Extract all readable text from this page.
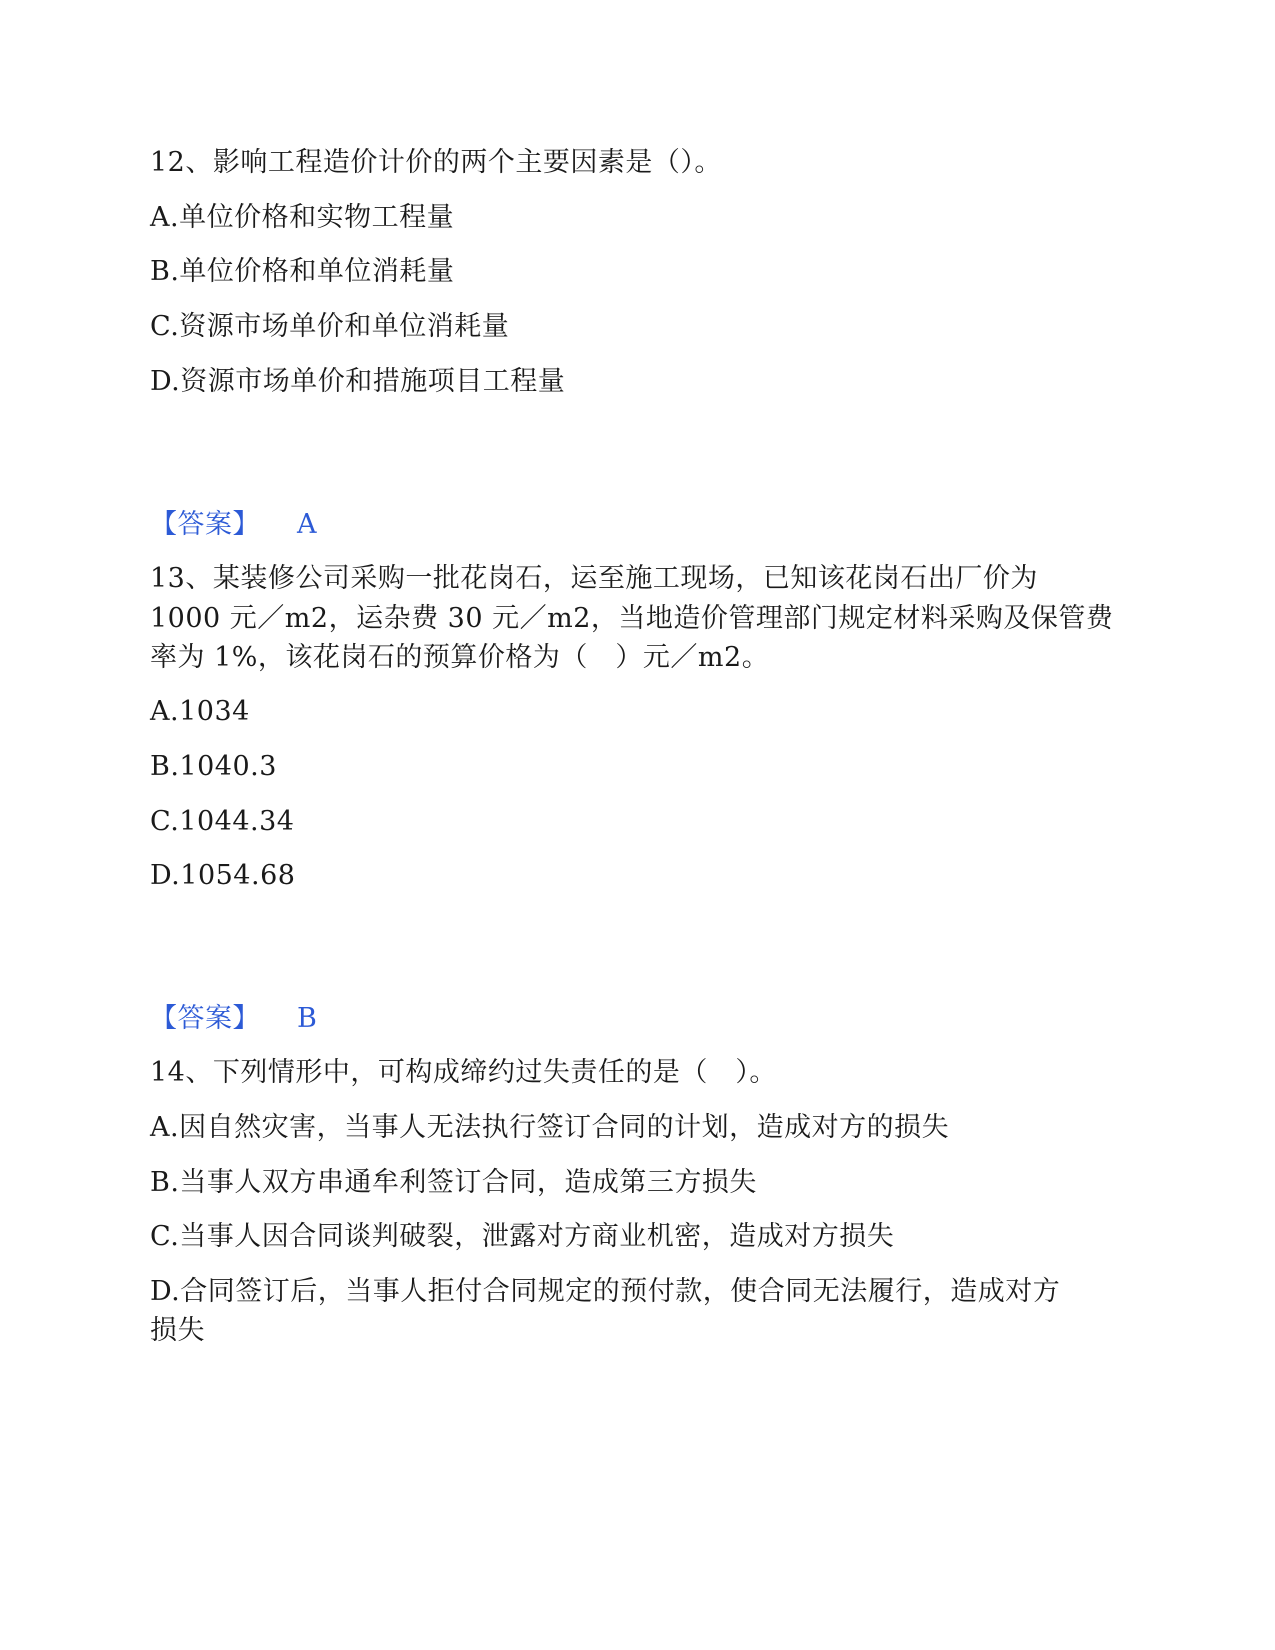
12、影响工程造价计价的两个主要因素是（）。
A.单位价格和实物工程量
B.单位价格和单位消耗量
C.资源市场单价和单位消耗量
D.资源市场单价和措施项目工程量
【答案】 A
13、某装修公司采购一批花岗石，运至施工现场，已知该花岗石出厂价为
1000 元／m2，运杂费 30 元／m2，当地造价管理部门规定材料采购及保管费
率为 1%，该花岗石的预算价格为（　）元／m2。
A.1034
B.1040.3
C.1044.34
D.1054.68
【答案】 B
14、下列情形中，可构成缔约过失责任的是（　）。
A.因自然灾害，当事人无法执行签订合同的计划，造成对方的损失
B.当事人双方串通牟利签订合同，造成第三方损失
C.当事人因合同谈判破裂，泄露对方商业机密，造成对方损失
D.合同签订后，当事人拒付合同规定的预付款，使合同无法履行，造成对方
损失
